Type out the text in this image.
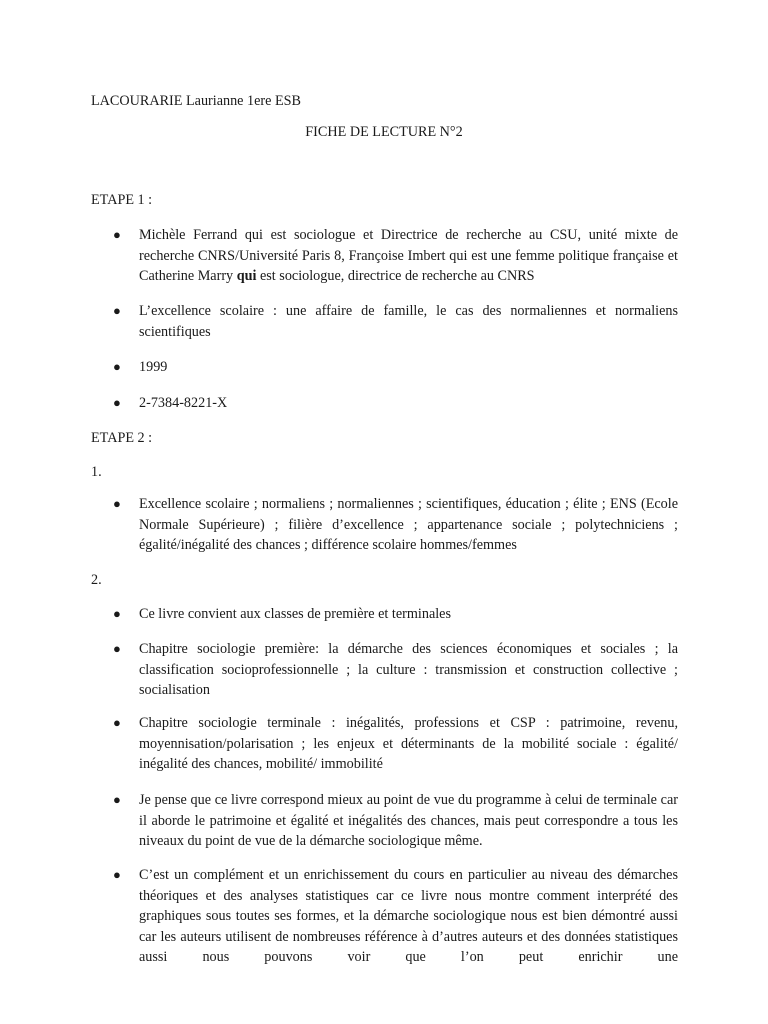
LACOURARIE Laurianne 1ere ESB
FICHE DE LECTURE N°2
ETAPE 1 :
● Michèle Ferrand qui est sociologue et Directrice de recherche au CSU, unité mixte de recherche CNRS/Université Paris 8, Françoise Imbert qui est une femme politique française et Catherine Marry qui est sociologue, directrice de recherche au CNRS
● L’excellence scolaire : une affaire de famille, le cas des normaliennes et normaliens scientifiques
● 1999
● 2-7384-8221-X
ETAPE 2 :
1.
● Excellence scolaire ; normaliens ; normaliennes ; scientifiques, éducation ; élite ; ENS (Ecole Normale Supérieure) ; filière d’excellence ; appartenance sociale ; polytechniciens ; égalité/inégalité des chances ; différence scolaire hommes/femmes
2.
● Ce livre convient aux classes de première et terminales
● Chapitre sociologie première: la démarche des sciences économiques et sociales ; la classification socioprofessionnelle ; la culture : transmission et construction collective ; socialisation
● Chapitre sociologie terminale : inégalités, professions et CSP : patrimoine, revenu, moyennisation/polarisation ; les enjeux et déterminants de la mobilité sociale : égalité/ inégalité des chances, mobilité/ immobilité
● Je pense que ce livre correspond mieux au point de vue du programme à celui de terminale car il aborde le patrimoine et égalité et inégalités des chances, mais peut correspondre a tous les niveaux du point de vue de la démarche sociologique même.
● C’est un complément et un enrichissement du cours en particulier au niveau des démarches théoriques et des analyses statistiques car ce livre nous montre comment interprété des graphiques sous toutes ses formes, et la démarche sociologique nous est bien démontré aussi car les auteurs utilisent de nombreuses référence à d’autres auteurs et des données statistiques aussi nous pouvons voir que l’on peut enrichir une
